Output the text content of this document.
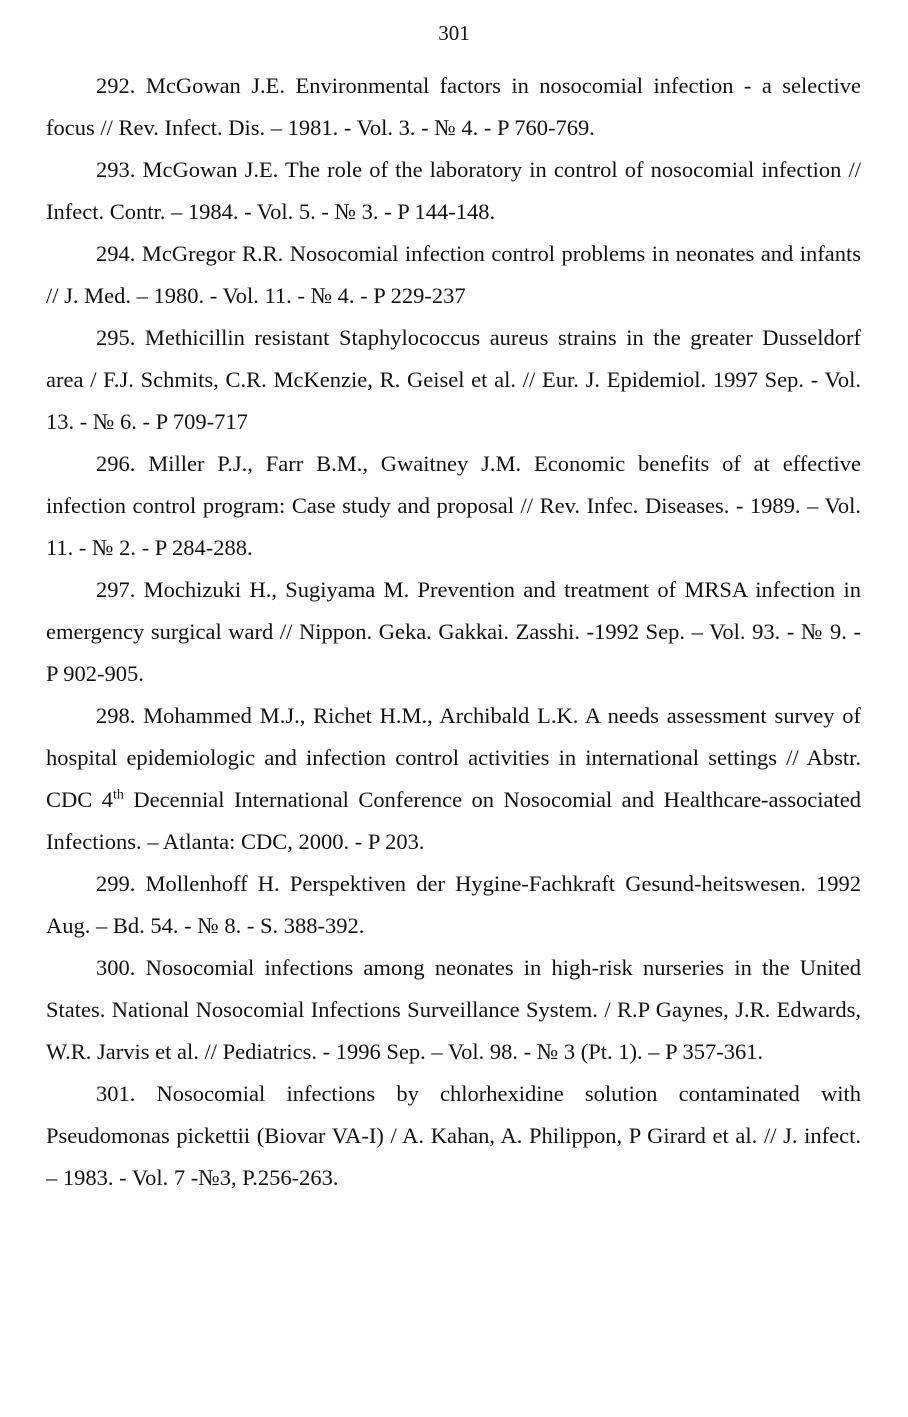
301

292. McGowan J.E. Environmental factors in nosocomial infection - a selective focus // Rev. Infect. Dis. – 1981. - Vol. 3. - № 4. - P 760-769.

293. McGowan J.E. The role of the laboratory in control of nosocomial infection // Infect. Contr. – 1984. - Vol. 5. - № 3. - P 144-148.

294. McGregor R.R. Nosocomial infection control problems in neonates and infants // J. Med. – 1980. - Vol. 11. - № 4. - P 229-237

295. Methicillin resistant Staphylococcus aureus strains in the greater Dusseldorf area / F.J. Schmits, C.R. McKenzie, R. Geisel et al. // Eur. J. Epidemiol. 1997 Sep. - Vol. 13. - № 6. - P 709-717

296. Miller P.J., Farr B.M., Gwaitney J.M. Economic benefits of at effective infection control program: Case study and proposal // Rev. Infec. Diseases. - 1989. – Vol. 11. - № 2. - P 284-288.

297. Mochizuki H., Sugiyama M. Prevention and treatment of MRSA infection in emergency surgical ward // Nippon. Geka. Gakkai. Zasshi. -1992 Sep. – Vol. 93. - № 9. - P 902-905.

298. Mohammed M.J., Richet H.M., Archibald L.K. A needs assessment survey of hospital epidemiologic and infection control activities in international settings // Abstr. CDC 4th Decennial International Conference on Nosocomial and Healthcare-associated Infections. – Atlanta: CDC, 2000. - P 203.

299. Mollenhoff H. Perspektiven der Hygine-Fachkraft Gesund-heitswesen. 1992 Aug. – Bd. 54. - № 8. - S. 388-392.

300. Nosocomial infections among neonates in high-risk nurseries in the United States. National Nosocomial Infections Surveillance System. / R.P Gaynes, J.R. Edwards, W.R. Jarvis et al. // Pediatrics. - 1996 Sep. – Vol. 98. - № 3 (Pt. 1). – P 357-361.

301. Nosocomial infections by chlorhexidine solution contaminated with Pseudomonas pickettii (Biovar VA-I) / A. Kahan, A. Philippon, P Girard et al. // J. infect. – 1983. - Vol. 7 -№3, P.256-263.
